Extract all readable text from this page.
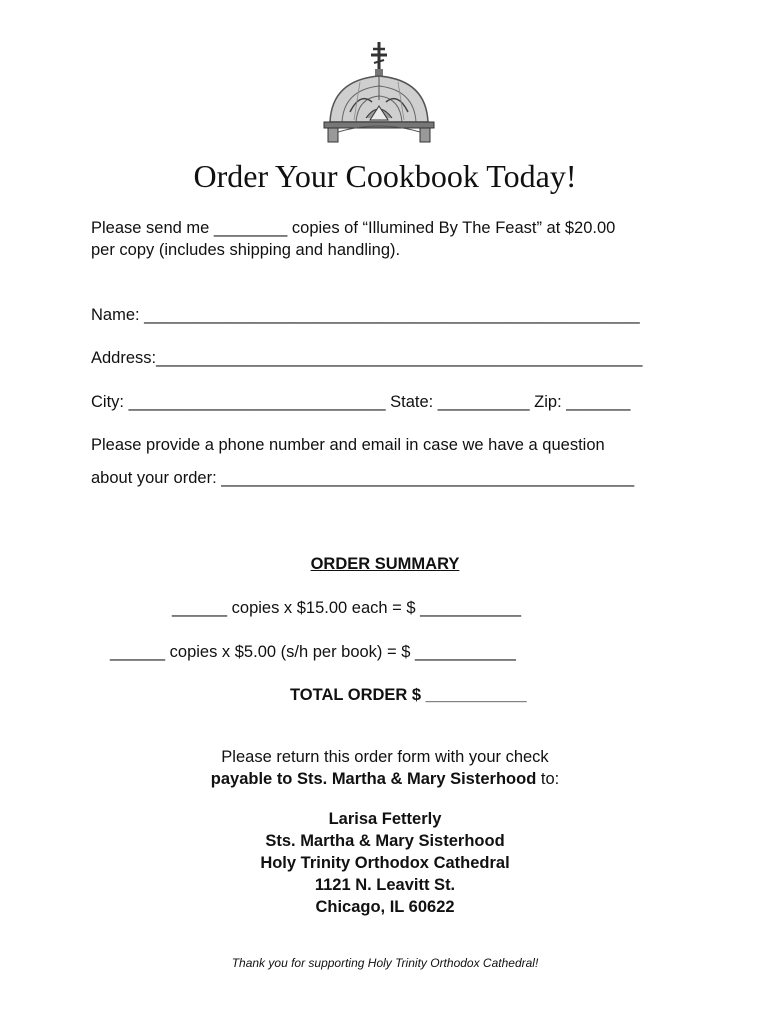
Order Your Cookbook Today!
Please send me ________ copies of “Illumined By The Feast” at $20.00
per copy (includes shipping and handling).
Name: ______________________________________________________
Address:_____________________________________________________
City: ____________________________ State: __________ Zip: _______
Please provide a phone number and email in case we have a question
about your order: _____________________________________________
ORDER SUMMARY
______ copies x $15.00 each = $ ___________
______ copies x $5.00 (s/h per book) = $ ___________
TOTAL ORDER $ ___________
Please return this order form with your check
payable to Sts. Martha & Mary Sisterhood to:
Larisa Fetterly
Sts. Martha & Mary Sisterhood
Holy Trinity Orthodox Cathedral
1121 N. Leavitt St.
Chicago, IL 60622
Thank you for supporting Holy Trinity Orthodox Cathedral!
